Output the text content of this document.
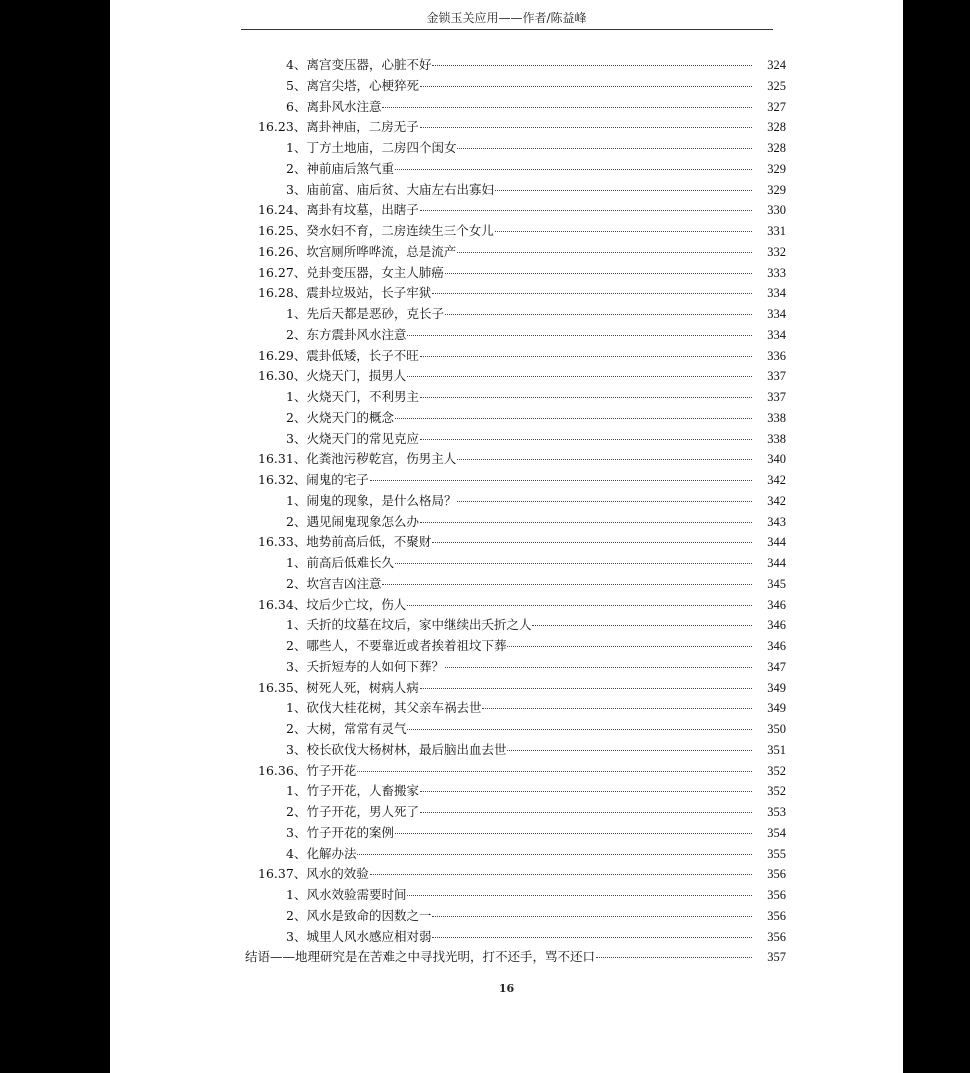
金锁玉关应用——作者/陈益峰
4、离宫变压器，心脏不好	324
5、离宫尖塔，心梗猝死	325
6、离卦风水注意	327
16.23、离卦神庙，二房无子	328
1、丁方土地庙，二房四个闺女	328
2、神前庙后煞气重	329
3、庙前富、庙后贫、大庙左右出寡妇	329
16.24、离卦有坟墓，出瞎子	330
16.25、癸水妇不育，二房连续生三个女儿	331
16.26、坎宫厕所哗哗流，总是流产	332
16.27、兑卦变压器，女主人肺癌	333
16.28、震卦垃圾站，长子牢狱	334
1、先后天都是恶砂，克长子	334
2、东方震卦风水注意	334
16.29、震卦低矮，长子不旺	336
16.30、火烧天门，损男人	337
1、火烧天门，不利男主	337
2、火烧天门的概念	338
3、火烧天门的常见克应	338
16.31、化粪池污秽乾宫，伤男主人	340
16.32、闹鬼的宅子	342
1、闹鬼的现象，是什么格局？	342
2、遇见闹鬼现象怎么办	343
16.33、地势前高后低，不聚财	344
1、前高后低难长久	344
2、坎宫吉凶注意	345
16.34、坟后少亡坟，伤人	346
1、夭折的坟墓在坟后，家中继续出夭折之人	346
2、哪些人，不要靠近或者挨着祖坟下葬	346
3、夭折短寿的人如何下葬？	347
16.35、树死人死，树病人病	349
1、砍伐大桂花树，其父亲车祸去世	349
2、大树，常常有灵气	350
3、校长砍伐大杨树林，最后脑出血去世	351
16.36、竹子开花	352
1、竹子开花，人畜搬家	352
2、竹子开花，男人死了	353
3、竹子开花的案例	354
4、化解办法	355
16.37、风水的效验	356
1、风水效验需要时间	356
2、风水是致命的因数之一	356
3、城里人风水感应相对弱	356
结语——地理研究是在苦难之中寻找光明，打不还手，骂不还口	357
16
